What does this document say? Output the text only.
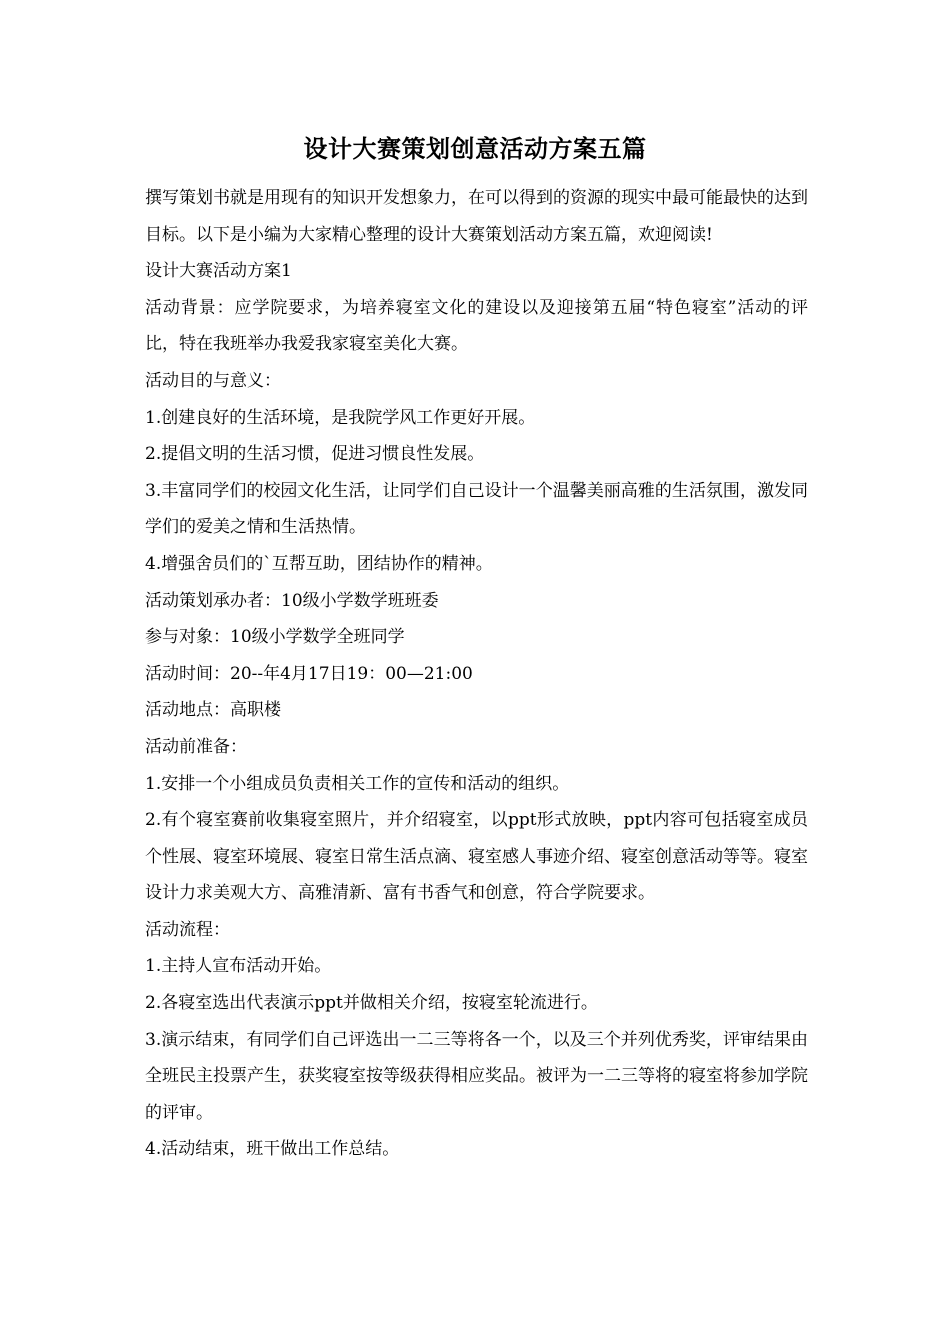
设计大赛策划创意活动方案五篇

撰写策划书就是用现有的知识开发想象力，在可以得到的资源的现实中最可能最快的达到目标。以下是小编为大家精心整理的设计大赛策划活动方案五篇，欢迎阅读!

设计大赛活动方案1

活动背景：应学院要求，为培养寝室文化的建设以及迎接第五届“特色寝室”活动的评比，特在我班举办我爱我家寝室美化大赛。

活动目的与意义：

1.创建良好的生活环境，是我院学风工作更好开展。

2.提倡文明的生活习惯，促进习惯良性发展。

3.丰富同学们的校园文化生活，让同学们自己设计一个温馨美丽高雅的生活氛围，激发同学们的爱美之情和生活热情。

4.增强舍员们的`互帮互助，团结协作的精神。

活动策划承办者：10级小学数学班班委

参与对象：10级小学数学全班同学

活动时间：20--年4月17日19：00—21:00

活动地点：高职楼

活动前准备：

1.安排一个小组成员负责相关工作的宣传和活动的组织。

2.有个寝室赛前收集寝室照片，并介绍寝室，以ppt形式放映，ppt内容可包括寝室成员个性展、寝室环境展、寝室日常生活点滴、寝室感人事迹介绍、寝室创意活动等等。寝室设计力求美观大方、高雅清新、富有书香气和创意，符合学院要求。

活动流程：

1.主持人宣布活动开始。

2.各寝室选出代表演示ppt并做相关介绍，按寝室轮流进行。

3.演示结束，有同学们自己评选出一二三等将各一个，以及三个并列优秀奖，评审结果由全班民主投票产生，获奖寝室按等级获得相应奖品。被评为一二三等将的寝室将参加学院的评审。

4.活动结束，班干做出工作总结。
